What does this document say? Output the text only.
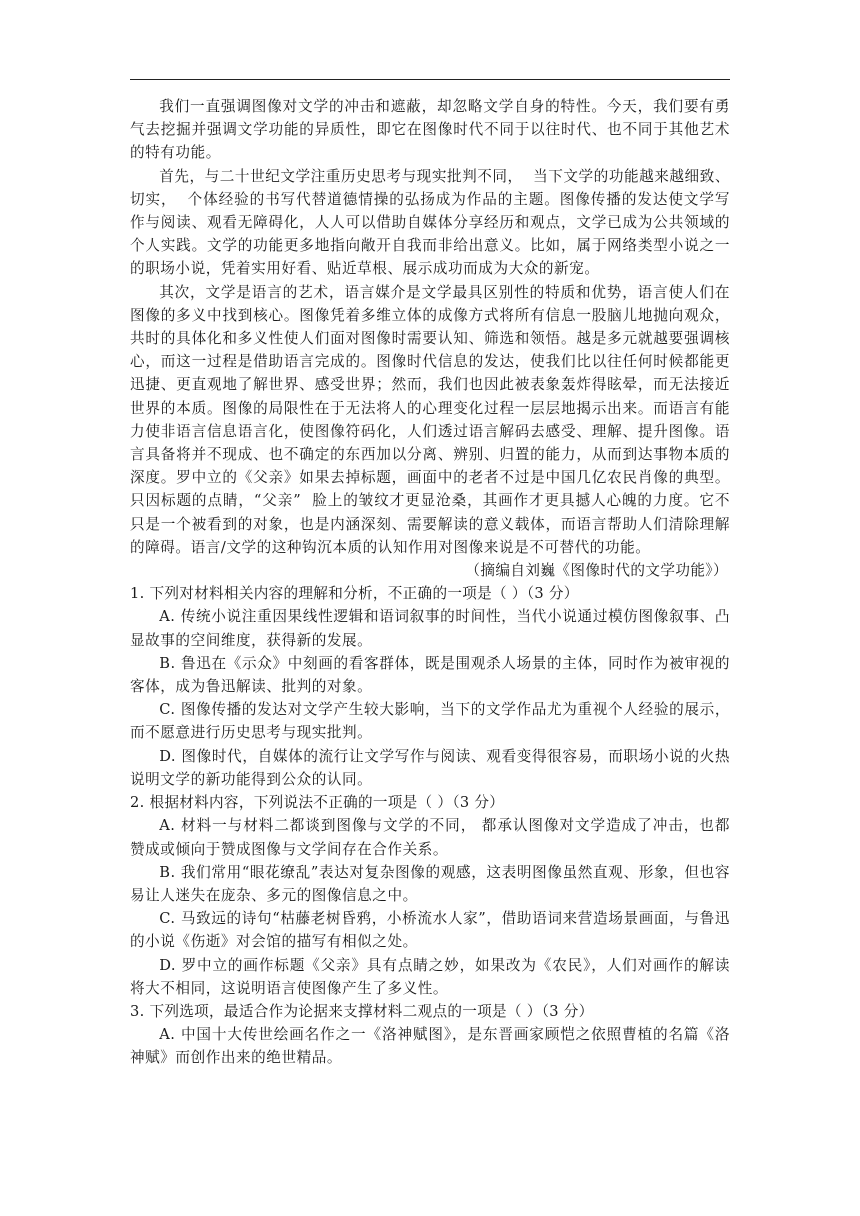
我们一直强调图像对文学的冲击和遮蔽，却忽略文学自身的特性。今天，我们要有勇气去挖掘并强调文学功能的异质性，即它在图像时代不同于以往时代、也不同于其他艺术的特有功能。

首先，与二十世纪文学注重历史思考与现实批判不同，  当下文学的功能越来越细致、切实，  个体经验的书写代替道德情操的弘扬成为作品的主题。图像传播的发达使文学写作与阅读、观看无障碍化，人人可以借助自媒体分享经历和观点，文学已成为公共领域的个人实践。文学的功能更多地指向敞开自我而非给出意义。比如，属于网络类型小说之一的职场小说，凭着实用好看、贴近草根、展示成功而成为大众的新宠。

其次，文学是语言的艺术，语言媒介是文学最具区别性的特质和优势，语言使人们在图像的多义中找到核心。图像凭着多维立体的成像方式将所有信息一股脑儿地抛向观众，共时的具体化和多义性使人们面对图像时需要认知、筛选和领悟。越是多元就越要强调核心，而这一过程是借助语言完成的。图像时代信息的发达，使我们比以往任何时候都能更迅捷、更直观地了解世界、感受世界；然而，我们也因此被表象轰炸得眩晕，而无法接近世界的本质。图像的局限性在于无法将人的心理变化过程一层层地揭示出来。而语言有能力使非语言信息语言化，使图像符码化，人们透过语言解码去感受、理解、提升图像。语言具备将并不现成、也不确定的东西加以分离、辨别、归置的能力，从而到达事物本质的深度。罗中立的《父亲》如果去掉标题，画面中的老者不过是中国几亿农民肖像的典型。只因标题的点睛，“父亲”  脸上的皱纹才更显沧桑，其画作才更具撼人心魄的力度。它不只是一个被看到的对象，也是内涵深刻、需要解读的意义载体，而语言帮助人们清除理解的障碍。语言/文学的这种钩沉本质的认知作用对图像来说是不可替代的功能。

（摘编自刘巍《图像时代的文学功能》）

1. 下列对材料相关内容的理解和分析，不正确的一项是（ ）（3 分）

A. 传统小说注重因果线性逻辑和语词叙事的时间性，当代小说通过模仿图像叙事、凸显故事的空间维度，获得新的发展。

B. 鲁迅在《示众》中刻画的看客群体，既是围观杀人场景的主体，同时作为被审视的客体，成为鲁迅解读、批判的对象。

C. 图像传播的发达对文学产生较大影响，当下的文学作品尤为重视个人经验的展示，而不愿意进行历史思考与现实批判。

D. 图像时代，自媒体的流行让文学写作与阅读、观看变得很容易，而职场小说的火热说明文学的新功能得到公众的认同。

2. 根据材料内容，下列说法不正确的一项是（ ）（3 分）

A. 材料一与材料二都谈到图像与文学的不同， 都承认图像对文学造成了冲击，也都赞成或倾向于赞成图像与文学间存在合作关系。

B. 我们常用“眼花缭乱”表达对复杂图像的观感，这表明图像虽然直观、形象，但也容易让人迷失在庞杂、多元的图像信息之中。

C. 马致远的诗句“枯藤老树昏鸦，小桥流水人家”，借助语词来营造场景画面，与鲁迅的小说《伤逝》对会馆的描写有相似之处。

D. 罗中立的画作标题《父亲》具有点睛之妙，如果改为《农民》，人们对画作的解读将大不相同，这说明语言使图像产生了多义性。

3. 下列选项，最适合作为论据来支撑材料二观点的一项是（ ）（3 分）

A. 中国十大传世绘画名作之一《洛神赋图》，是东晋画家顾恺之依照曹植的名篇《洛神赋》而创作出来的绝世精品。
